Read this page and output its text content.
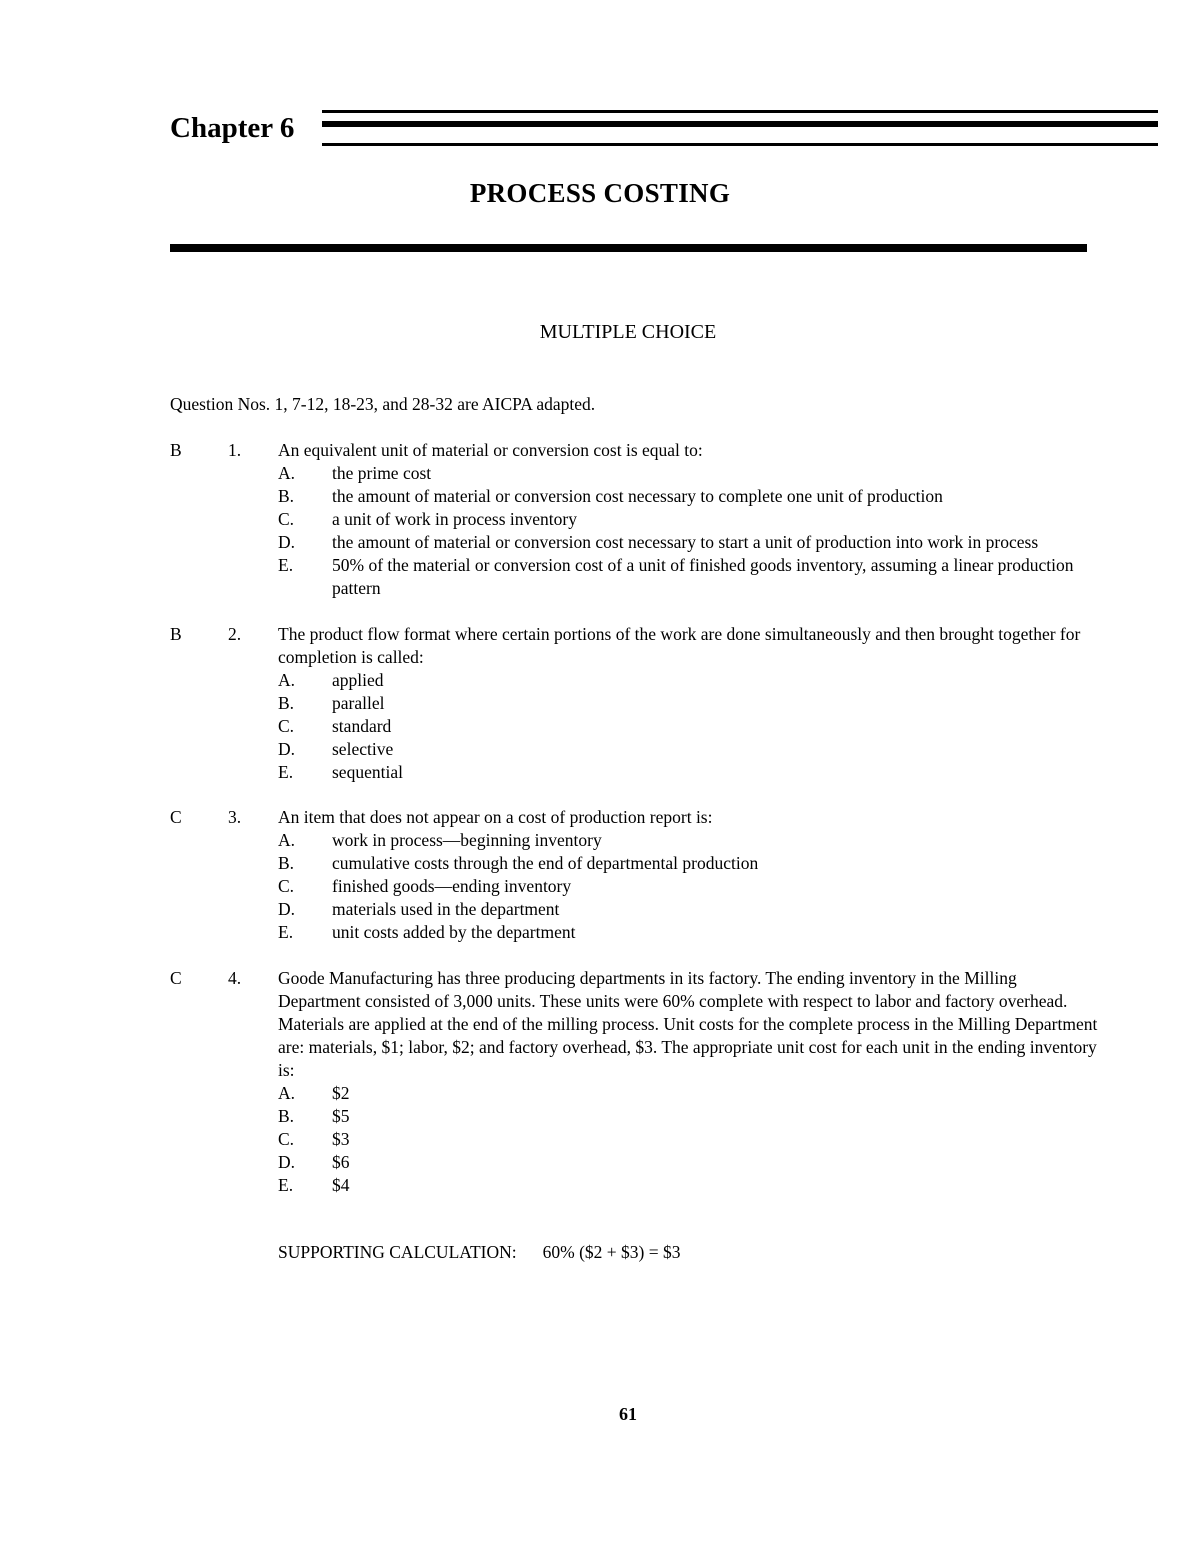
Chapter 6
PROCESS COSTING
MULTIPLE CHOICE
Question Nos. 1, 7-12, 18-23, and 28-32 are AICPA adapted.
B	1. An equivalent unit of material or conversion cost is equal to:
A. the prime cost
B. the amount of material or conversion cost necessary to complete one unit of production
C. a unit of work in process inventory
D. the amount of material or conversion cost necessary to start a unit of production into work in process
E. 50% of the material or conversion cost of a unit of finished goods inventory, assuming a linear production pattern
B	2. The product flow format where certain portions of the work are done simultaneously and then brought together for completion is called:
A. applied
B. parallel
C. standard
D. selective
E. sequential
C	3. An item that does not appear on a cost of production report is:
A. work in process—beginning inventory
B. cumulative costs through the end of departmental production
C. finished goods—ending inventory
D. materials used in the department
E. unit costs added by the department
C	4. Goode Manufacturing has three producing departments in its factory. The ending inventory in the Milling Department consisted of 3,000 units. These units were 60% complete with respect to labor and factory overhead. Materials are applied at the end of the milling process. Unit costs for the complete process in the Milling Department are: materials, $1; labor, $2; and factory overhead, $3. The appropriate unit cost for each unit in the ending inventory is:
A. $2
B. $5
C. $3
D. $6
E. $4
SUPPORTING CALCULATION: 60% ($2 + $3) = $3
61
